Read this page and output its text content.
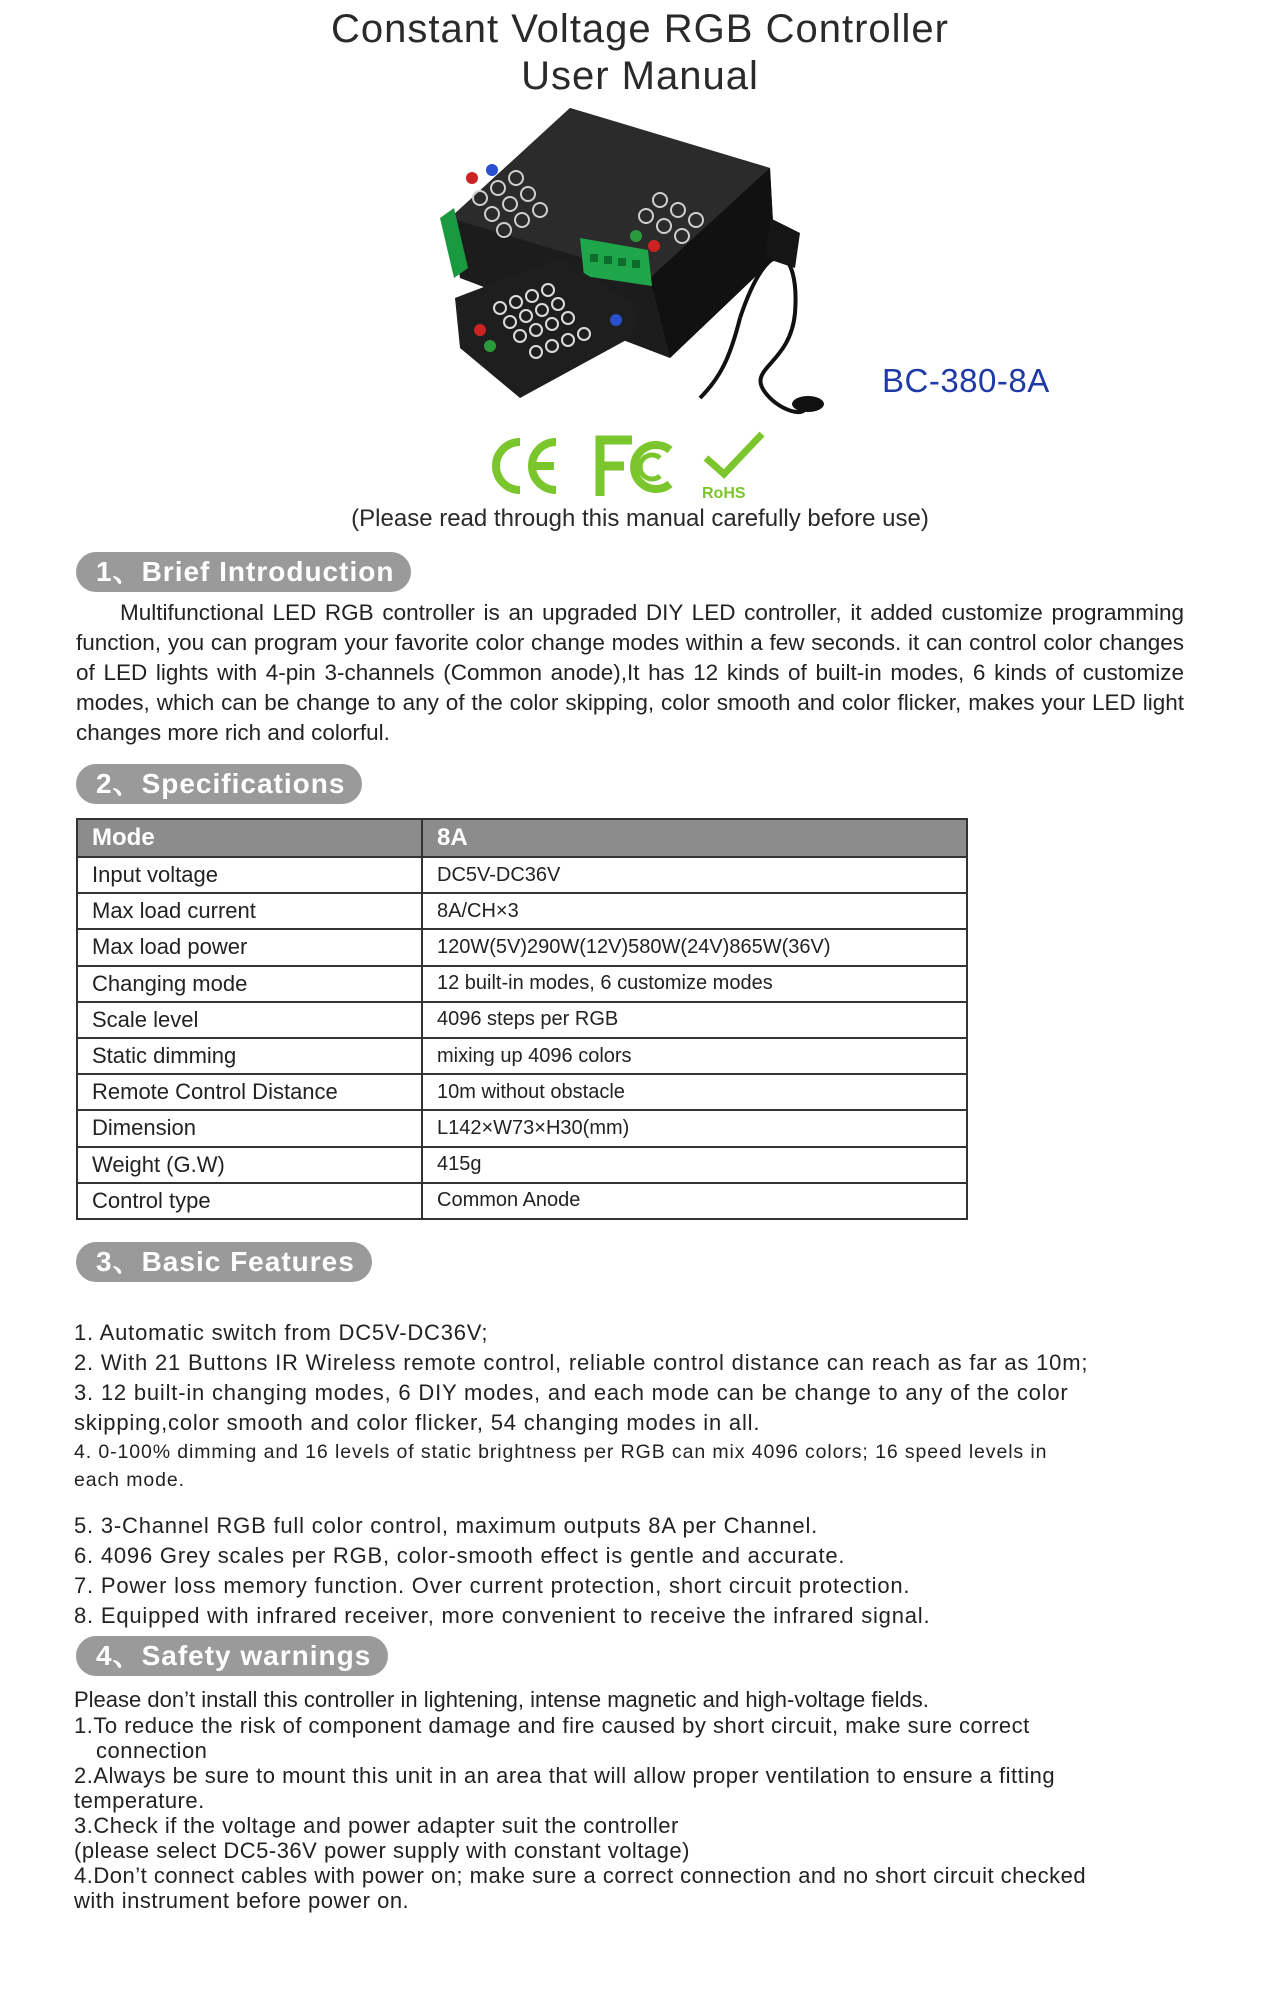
Constant Voltage RGB Controller
User Manual
BC-380-8A
RoHS
(Please read through this manual carefully before use)
1、Brief Introduction
Multifunctional LED RGB controller is an upgraded DIY LED controller, it added customize programming function, you can program your favorite color change modes within a few seconds. it can control color changes of LED lights with 4-pin 3-channels (Common anode),It has 12 kinds of built-in modes, 6 kinds of customize modes, which can be change to any of the color skipping, color smooth and color flicker, makes your LED light changes more rich and colorful.
2、Specifications
Mode	8A
Input voltage	DC5V-DC36V
Max load current	8A/CH×3
Max load power	120W(5V)290W(12V)580W(24V)865W(36V)
Changing mode	12 built-in modes, 6 customize modes
Scale level	4096 steps per RGB
Static dimming	mixing up 4096 colors
Remote Control Distance	10m without obstacle
Dimension	L142×W73×H30(mm)
Weight (G.W)	415g
Control type	Common Anode
3、Basic Features
1. Automatic switch from DC5V-DC36V;
2. With 21 Buttons IR Wireless remote control, reliable control distance can reach as far as 10m;
3. 12 built-in changing modes, 6 DIY modes, and each mode can be change to any of the color
skipping,color smooth and color flicker, 54 changing modes in all.
4. 0-100% dimming and 16 levels of static brightness per RGB can mix 4096 colors; 16 speed levels in
each mode.
5. 3-Channel RGB full color control, maximum outputs 8A per Channel.
6. 4096 Grey scales per RGB, color-smooth effect is gentle and accurate.
7. Power loss memory function. Over current protection, short circuit protection.
8. Equipped with infrared receiver, more convenient to receive the infrared signal.
4、Safety warnings
Please don’t install this controller in lightening, intense magnetic and high-voltage fields.
1.To reduce the risk of component damage and fire caused by short circuit, make sure correct
connection
2.Always be sure to mount this unit in an area that will allow proper ventilation to ensure a fitting
temperature.
3.Check if the voltage and power adapter suit the controller
(please select DC5-36V power supply with constant voltage)
4.Don’t connect cables with power on; make sure a correct connection and no short circuit checked
with instrument before power on.
